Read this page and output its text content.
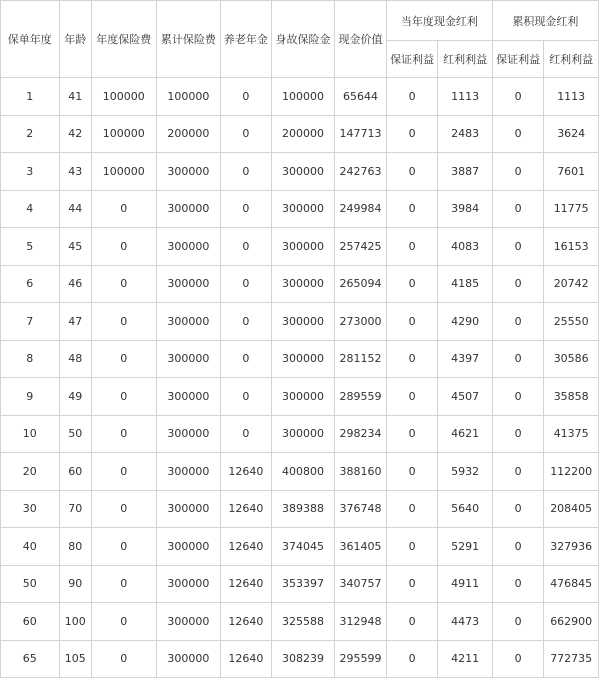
保单年度	年龄	年度保险费	累计保险费	养老年金	身故保险金	现金价值	当年度现金红利		累积现金红利	
							保证利益	红利利益	保证利益	红利利益
1	41	100000	100000	0	100000	65644	0	1113	0	1113
2	42	100000	200000	0	200000	147713	0	2483	0	3624
3	43	100000	300000	0	300000	242763	0	3887	0	7601
4	44	0	300000	0	300000	249984	0	3984	0	11775
5	45	0	300000	0	300000	257425	0	4083	0	16153
6	46	0	300000	0	300000	265094	0	4185	0	20742
7	47	0	300000	0	300000	273000	0	4290	0	25550
8	48	0	300000	0	300000	281152	0	4397	0	30586
9	49	0	300000	0	300000	289559	0	4507	0	35858
10	50	0	300000	0	300000	298234	0	4621	0	41375
20	60	0	300000	12640	400800	388160	0	5932	0	112200
30	70	0	300000	12640	389388	376748	0	5640	0	208405
40	80	0	300000	12640	374045	361405	0	5291	0	327936
50	90	0	300000	12640	353397	340757	0	4911	0	476845
60	100	0	300000	12640	325588	312948	0	4473	0	662900
65	105	0	300000	12640	308239	295599	0	4211	0	772735
